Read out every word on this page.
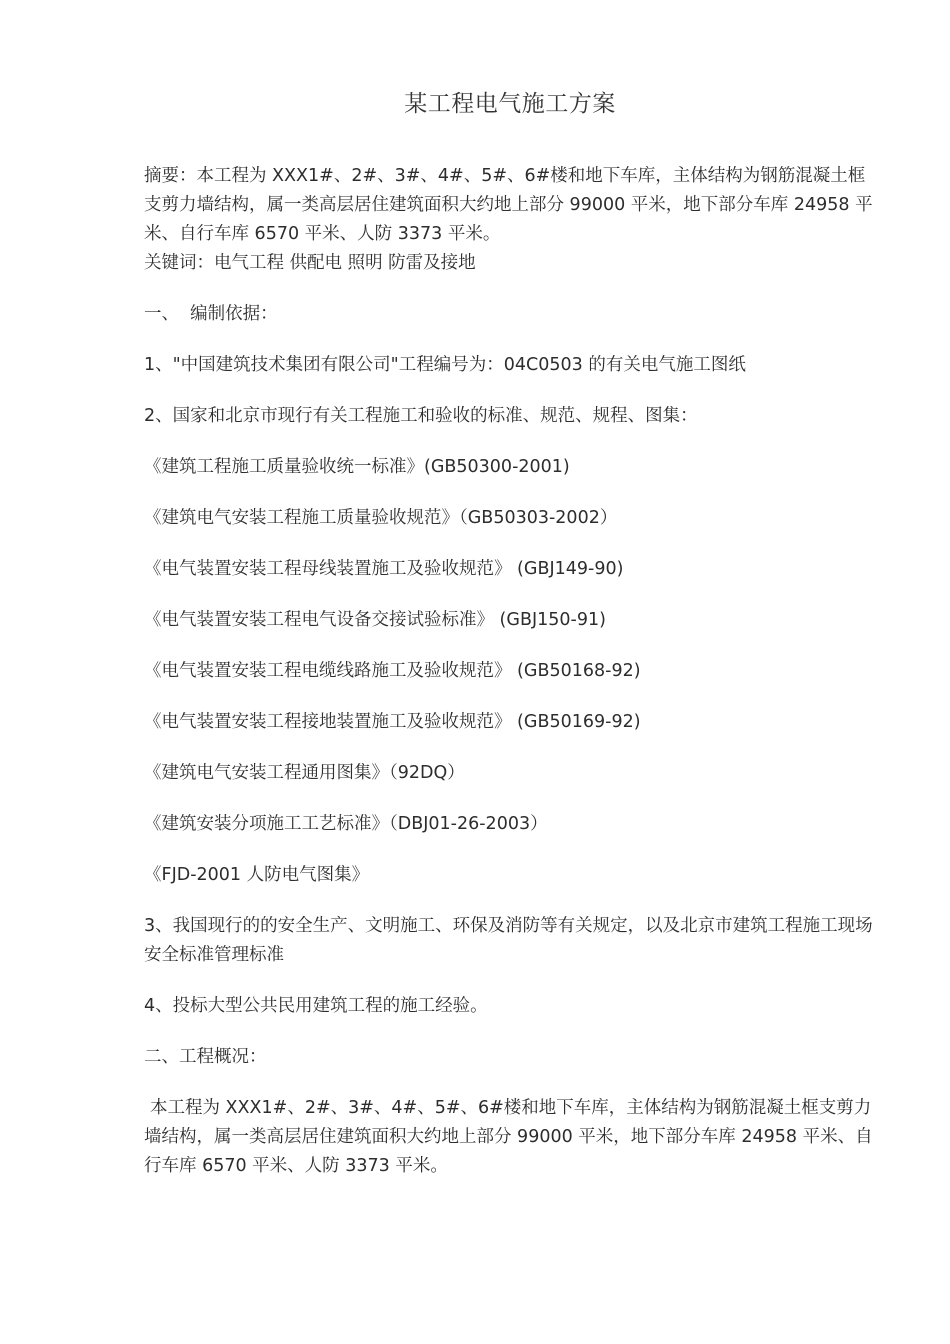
某工程电气施工方案

摘要：本工程为 XXX1#、2#、3#、4#、5#、6#楼和地下车库，主体结构为钢筋混凝土框支剪力墙结构，属一类高层居住建筑面积大约地上部分 99000 平米，地下部分车库 24958 平米、自行车库 6570 平米、人防 3373 平米。

关键词：电气工程 供配电 照明 防雷及接地

一、  编制依据：

1、"中国建筑技术集团有限公司"工程编号为：04C0503 的有关电气施工图纸

2、国家和北京市现行有关工程施工和验收的标准、规范、规程、图集：

《建筑工程施工质量验收统一标准》(GB50300-2001)

《建筑电气安装工程施工质量验收规范》（GB50303-2002）

《电气装置安装工程母线装置施工及验收规范》 (GBJ149-90)

《电气装置安装工程电气设备交接试验标准》 (GBJ150-91)

《电气装置安装工程电缆线路施工及验收规范》 (GB50168-92)

《电气装置安装工程接地装置施工及验收规范》 (GB50169-92)

《建筑电气安装工程通用图集》（92DQ）

《建筑安装分项施工工艺标准》（DBJ01-26-2003）

《FJD-2001 人防电气图集》

3、我国现行的的安全生产、文明施工、环保及消防等有关规定，以及北京市建筑工程施工现场安全标准管理标准

4、投标大型公共民用建筑工程的施工经验。

二、工程概况：

本工程为 XXX1#、2#、3#、4#、5#、6#楼和地下车库，主体结构为钢筋混凝土框支剪力墙结构，属一类高层居住建筑面积大约地上部分 99000 平米，地下部分车库 24958 平米、自行车库 6570 平米、人防 3373 平米。
